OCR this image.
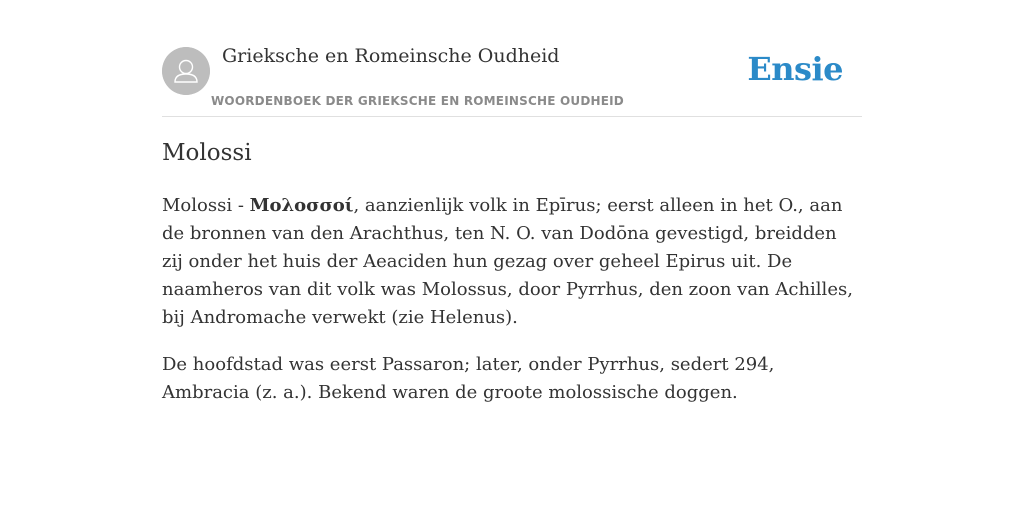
Grieksche en Romeinsche Oudheid
WOORDENBOEK DER GRIEKSCHE EN ROMEINSCHE OUDHEID
Ensie
Molossi

Molossi - Μολοσσοί, aanzienlijk volk in Epīrus; eerst alleen in het O., aan de bronnen van den Arachthus, ten N. O. van Dodōna gevestigd, breidden zij onder het huis der Aeaciden hun gezag over geheel Epirus uit. De naamheros van dit volk was Molossus, door Pyrrhus, den zoon van Achilles, bij Andromache verwekt (zie Helenus).

De hoofdstad was eerst Passaron; later, onder Pyrrhus, sedert 294, Ambracia (z. a.). Bekend waren de groote molossische doggen.
